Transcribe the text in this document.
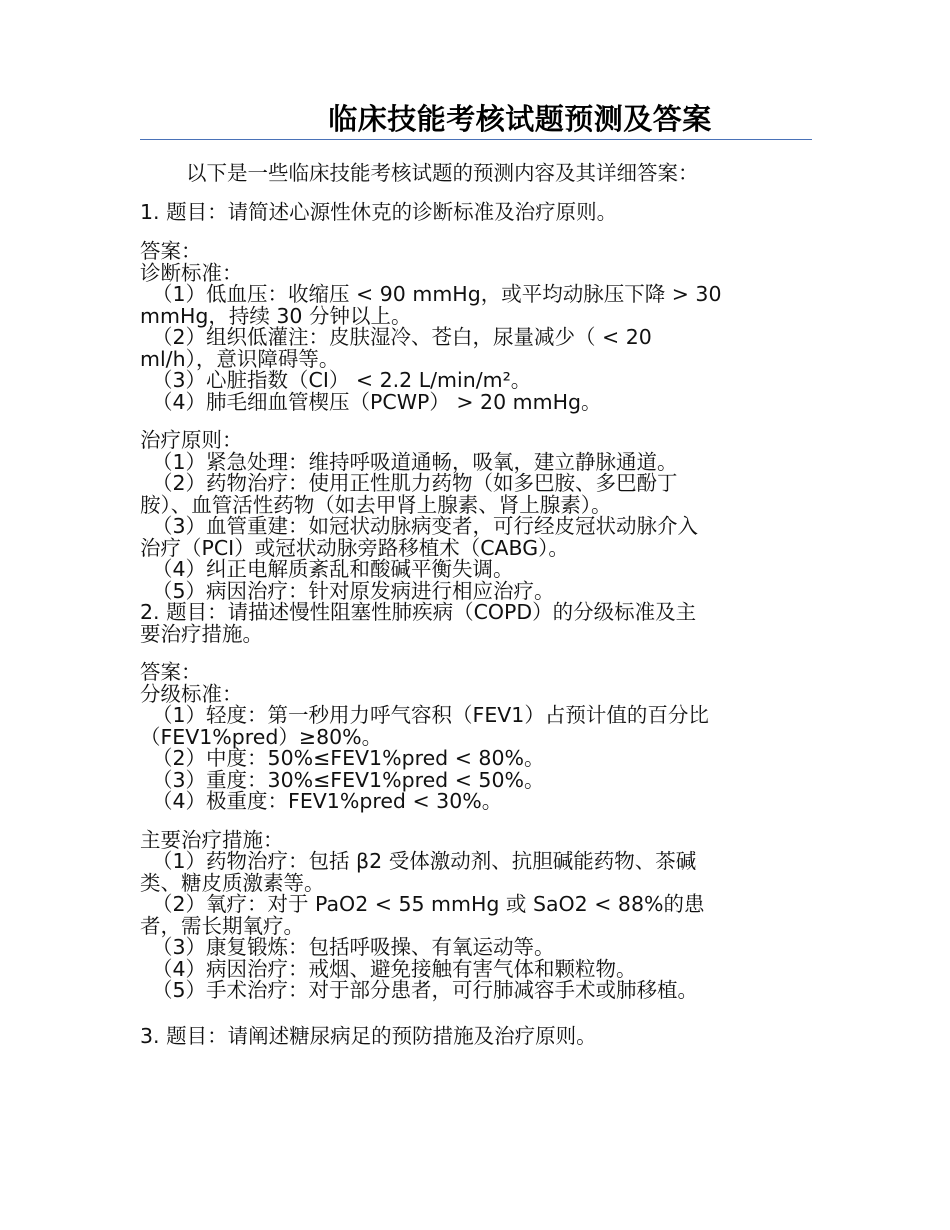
临床技能考核试题预测及答案

以下是一些临床技能考核试题的预测内容及其详细答案：

1. 题目：请简述心源性休克的诊断标准及治疗原则。

答案：

诊断标准：

（1）低血压：收缩压 < 90 mmHg，或平均动脉压下降 > 30

mmHg，持续 30 分钟以上。

（2）组织低灌注：皮肤湿冷、苍白，尿量减少（ < 20

ml/h），意识障碍等。

（3）心脏指数（CI） < 2.2 L/min/m²。

（4）肺毛细血管楔压（PCWP） > 20 mmHg。

治疗原则：

（1）紧急处理：维持呼吸道通畅，吸氧，建立静脉通道。

（2）药物治疗：使用正性肌力药物（如多巴胺、多巴酚丁

胺）、血管活性药物（如去甲肾上腺素、肾上腺素）。

（3）血管重建：如冠状动脉病变者，可行经皮冠状动脉介入

治疗（PCI）或冠状动脉旁路移植术（CABG）。

（4）纠正电解质紊乱和酸碱平衡失调。

（5）病因治疗：针对原发病进行相应治疗。

2. 题目：请描述慢性阻塞性肺疾病（COPD）的分级标准及主

要治疗措施。

答案：

分级标准：

（1）轻度：第一秒用力呼气容积（FEV1）占预计值的百分比

（FEV1%pred）≥80%。

（2）中度：50%≤FEV1%pred < 80%。

（3）重度：30%≤FEV1%pred < 50%。

（4）极重度：FEV1%pred < 30%。

主要治疗措施：

（1）药物治疗：包括 β2 受体激动剂、抗胆碱能药物、茶碱

类、糖皮质激素等。

（2）氧疗：对于 PaO2 < 55 mmHg 或 SaO2 < 88%的患

者，需长期氧疗。

（3）康复锻炼：包括呼吸操、有氧运动等。

（4）病因治疗：戒烟、避免接触有害气体和颗粒物。

（5）手术治疗：对于部分患者，可行肺减容手术或肺移植。

3. 题目：请阐述糖尿病足的预防措施及治疗原则。
